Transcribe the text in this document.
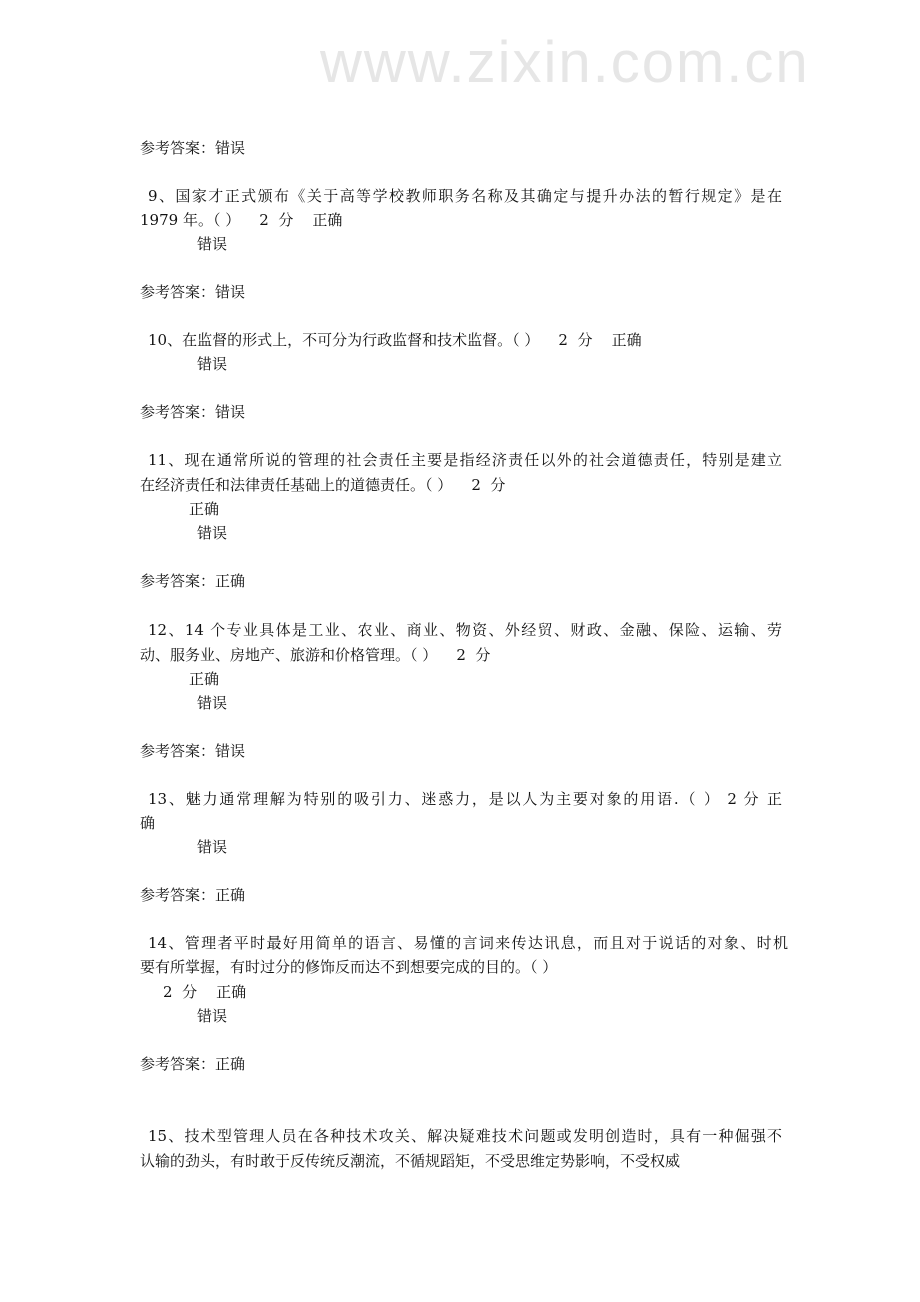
www.zixin.com.cn
参考答案：错误
9、国家才正式颁布《关于高等学校教师职务名称及其确定与提升办法的暂行规定》是在
1979 年。（ ）    2  分    正确
错误
参考答案：错误
10、在监督的形式上，不可分为行政监督和技术监督。（ ）    2  分    正确
错误
参考答案：错误
11、现在通常所说的管理的社会责任主要是指经济责任以外的社会道德责任，特别是建立
在经济责任和法律责任基础上的道德责任。（ ）    2  分
正确
错误
参考答案：正确
12、14 个专业具体是工业、农业、商业、物资、外经贸、财政、金融、保险、运输、劳
动、服务业、房地产、旅游和价格管理。（ ）    2  分
正确
错误
参考答案：错误
13、魅力通常理解为特别的吸引力、迷惑力，是以人为主要对象的用语.（ ） 2 分 正
确
错误
参考答案：正确
14、管理者平时最好用简单的语言、易懂的言词来传达讯息，而且对于说话的对象、时机
要有所掌握，有时过分的修饰反而达不到想要完成的目的。（ ）
2  分    正确
错误
参考答案：正确
15、技术型管理人员在各种技术攻关、解决疑难技术问题或发明创造时，具有一种倔强不
认输的劲头，有时敢于反传统反潮流，不循规蹈矩，不受思维定势影响，不受权威
